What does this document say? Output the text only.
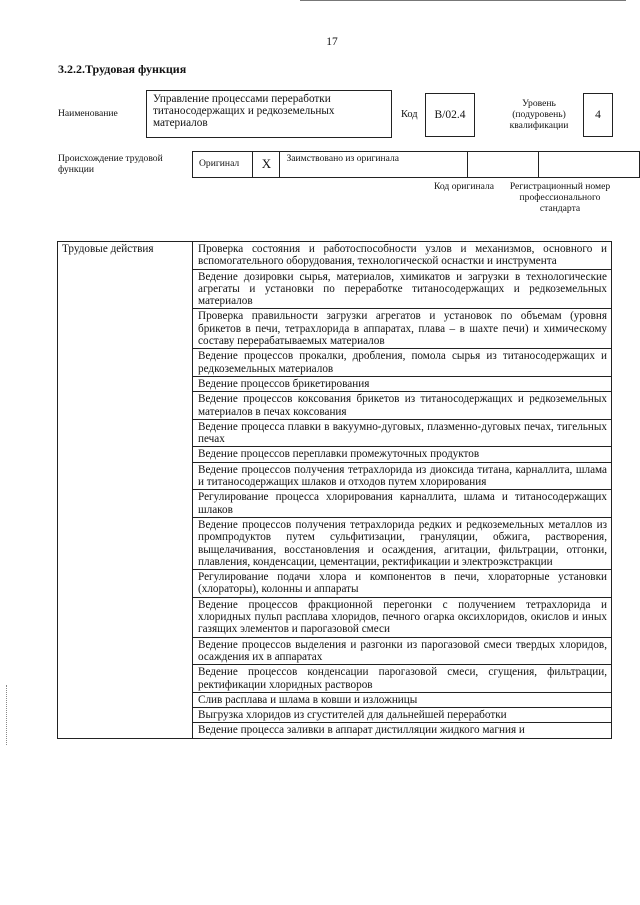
17
3.2.2.Трудовая функция
Наименование
Управление процессами переработки титаносодержащих и редкоземельных материалов
Код	B/02.4
Уровень (подуровень) квалификации
4
Происхождение трудовой функции
Оригинал	X	Заимствовано из оригинала		
Код оригинала	Регистрационный номер профессионального стандарта
Трудовые действия	Проверка состояния и работоспособности узлов и механизмов, основного и вспомогательного оборудования, технологической оснастки и инструмента
Ведение дозировки сырья, материалов, химикатов и загрузки в технологические агрегаты и установки по переработке титаносодержащих и редкоземельных материалов
Проверка правильности загрузки агрегатов и установок по объемам (уровня брикетов в печи, тетрахлорида в аппаратах, плава – в шахте печи) и химическому составу перерабатываемых материалов
Ведение процессов прокалки, дробления, помола сырья из титаносодержащих и редкоземельных материалов
Ведение процессов брикетирования
Ведение процессов коксования брикетов из титаносодержащих и редкоземельных материалов в печах коксования
Ведение процесса плавки в вакуумно-дуговых, плазменно-дуговых печах, тигельных печах
Ведение процессов переплавки промежуточных продуктов
Ведение процессов получения тетрахлорида из диоксида титана, карналлита, шлама и титаносодержащих шлаков и отходов путем хлорирования
Регулирование процесса хлорирования карналлита, шлама и титаносодержащих шлаков
Ведение процессов получения тетрахлорида редких и редкоземельных металлов из промпродуктов путем сульфитизации, грануляции, обжига, растворения, выщелачивания, восстановления и осаждения, агитации, фильтрации, отгонки, плавления, конденсации, цементации, ректификации и электроэкстракции
Регулирование подачи хлора и компонентов в печи, хлораторные установки (хлораторы), колонны и аппараты
Ведение процессов фракционной перегонки с получением тетрахлорида и хлоридных пульп расплава хлоридов, печного огарка оксихлоридов, окислов и иных газящих элементов и парогазовой смеси
Ведение процессов выделения и разгонки из парогазовой смеси твердых хлоридов, осаждения их в аппаратах
Ведение процессов конденсации парогазовой смеси, сгущения, фильтрации, ректификации хлоридных растворов
Слив расплава и шлама в ковши и изложницы
Выгрузка хлоридов из сгустителей для дальнейшей переработки
Ведение процесса заливки в аппарат дистилляции жидкого магния и
